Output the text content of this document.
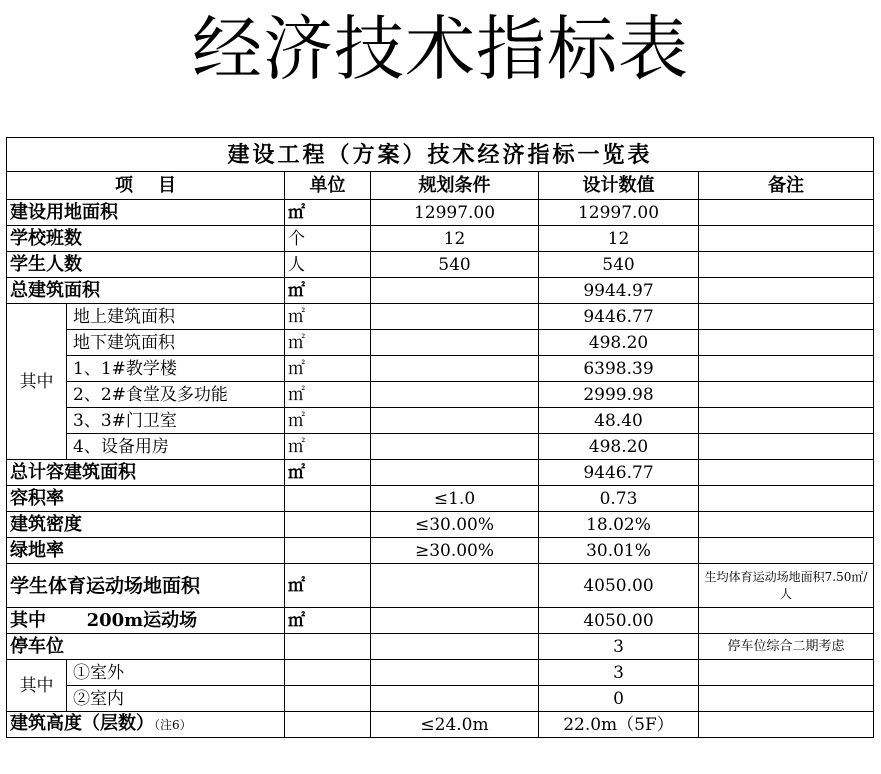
经济技术指标表
建设工程（方案）技术经济指标一览表					
项    目		单位	规划条件	设计数值	备注
建设用地面积		㎡	12997.00	12997.00	
学校班数		个	12	12	
学生人数		人	540	540	
总建筑面积		㎡		9944.97	
其中	地上建筑面积	㎡		9446.77	
	地下建筑面积	㎡		498.20	
	1、1#教学楼	㎡		6398.39	
	2、2#食堂及多功能	㎡		2999.98	
	3、3#门卫室	㎡		48.40	
	4、设备用房	㎡		498.20	
总计容建筑面积		㎡		9446.77	
容积率			≤1.0	0.73	
建筑密度			≤30.00%	18.02%	
绿地率			≥30.00%	30.01%	
学生体育运动场地面积		㎡		4050.00	生均体育运动场地面积7.50㎡/人
其中 200m运动场		㎡		4050.00	
停车位				3	停车位综合二期考虑
其中	①室外			3	
	②室内			0	
建筑高度（层数）（注6）			≤24.0m	22.0m（5F）	
